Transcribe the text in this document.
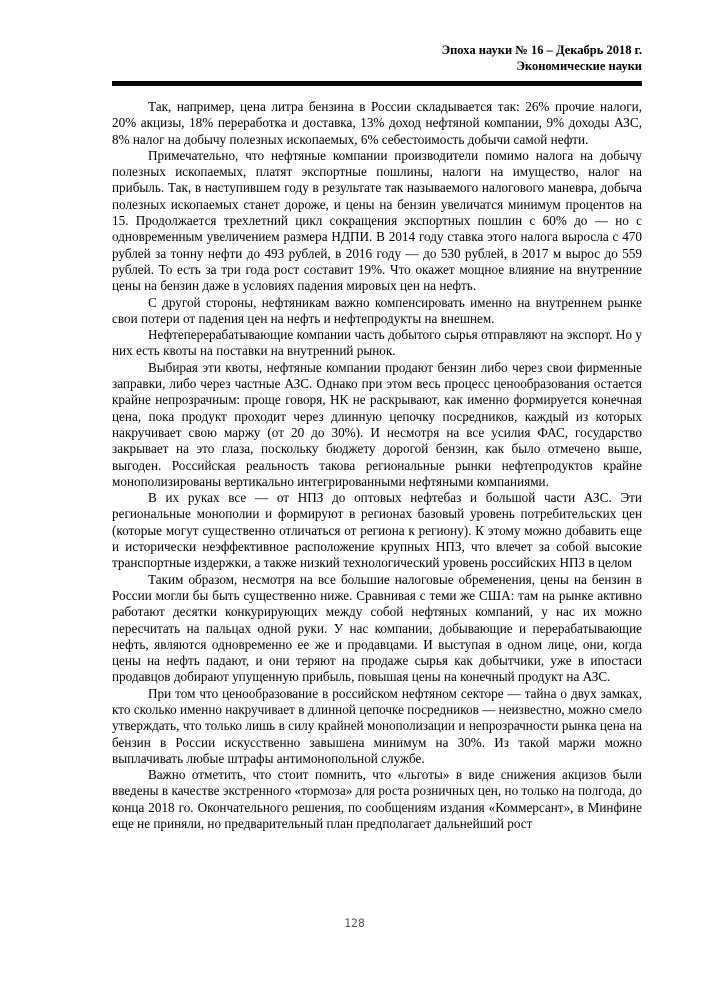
Эпоха науки № 16 – Декабрь 2018 г.
Экономические науки

Так, например, цена литра бензина в России складывается так: 26% прочие налоги, 20% акцизы, 18% переработка и доставка, 13% доход нефтяной компании, 9% доходы АЗС, 8% налог на добычу полезных ископаемых, 6% себестоимость добычи самой нефти.

Примечательно, что нефтяные компании производители помимо налога на добычу полезных ископаемых, платят экспортные пошлины, налоги на имущество, налог на прибыль. Так, в наступившем году в результате так называемого налогового маневра, добыча полезных ископаемых станет дороже, и цены на бензин увеличатся минимум процентов на 15. Продолжается трехлетний цикл сокращения экспортных пошлин с 60% до — но с одновременным увеличением размера НДПИ. В 2014 году ставка этого налога выросла с 470 рублей за тонну нефти до 493 рублей, в 2016 году — до 530 рублей, в 2017 м вырос до 559 рублей. То есть за три года рост составит 19%. Что окажет мощное влияние на внутренние цены на бензин даже в условиях падения мировых цен на нефть.

С другой стороны, нефтяникам важно компенсировать именно на внутреннем рынке свои потери от падения цен на нефть и нефтепродукты на внешнем.

Нефтеперерабатывающие компании часть добытого сырья отправляют на экспорт. Но у них есть квоты на поставки на внутренний рынок.

Выбирая эти квоты, нефтяные компании продают бензин либо через свои фирменные заправки, либо через частные АЗС. Однако при этом весь процесс ценообразования остается крайне непрозрачным: проще говоря, НК не раскрывают, как именно формируется конечная цена, пока продукт проходит через длинную цепочку посредников, каждый из которых накручивает свою маржу (от 20 до 30%). И несмотря на все усилия ФАС, государство закрывает на это глаза, поскольку бюджету дорогой бензин, как было отмечено выше, выгоден. Российская реальность такова региональные рынки нефтепродуктов крайне монополизированы вертикально интегрированными нефтяными компаниями.

В их руках все — от НПЗ до оптовых нефтебаз и большой части АЗС. Эти региональные монополии и формируют в регионах базовый уровень потребительских цен (которые могут существенно отличаться от региона к региону). К этому можно добавить еще и исторически неэффективное расположение крупных НПЗ, что влечет за собой высокие транспортные издержки, а также низкий технологический уровень российских НПЗ в целом

Таким образом, несмотря на все большие налоговые обременения, цены на бензин в России могли бы быть существенно ниже. Сравнивая с теми же США: там на рынке активно работают десятки конкурирующих между собой нефтяных компаний, у нас их можно пересчитать на пальцах одной руки. У нас компании, добывающие и перерабатывающие нефть, являются одновременно ее же и продавцами. И выступая в одном лице, они, когда цены на нефть падают, и они теряют на продаже сырья как добытчики, уже в ипостаси продавцов добирают упущенную прибыль, повышая цены на конечный продукт на АЗС.

При том что ценообразование в российском нефтяном секторе — тайна о двух замках, кто сколько именно накручивает в длинной цепочке посредников — неизвестно, можно смело утверждать, что только лишь в силу крайней монополизации и непрозрачности рынка цена на бензин в России искусственно завышена минимум на 30%. Из такой маржи можно выплачивать любые штрафы антимонопольной службе.

Важно отметить, что стоит помнить, что «льготы» в виде снижения акцизов были введены в качестве экстренного «тормоза» для роста розничных цен, но только на полгода, до конца 2018 го. Окончательного решения, по сообщениям издания «Коммерсант», в Минфине еще не приняли, но предварительный план предполагает дальнейший рост

128
